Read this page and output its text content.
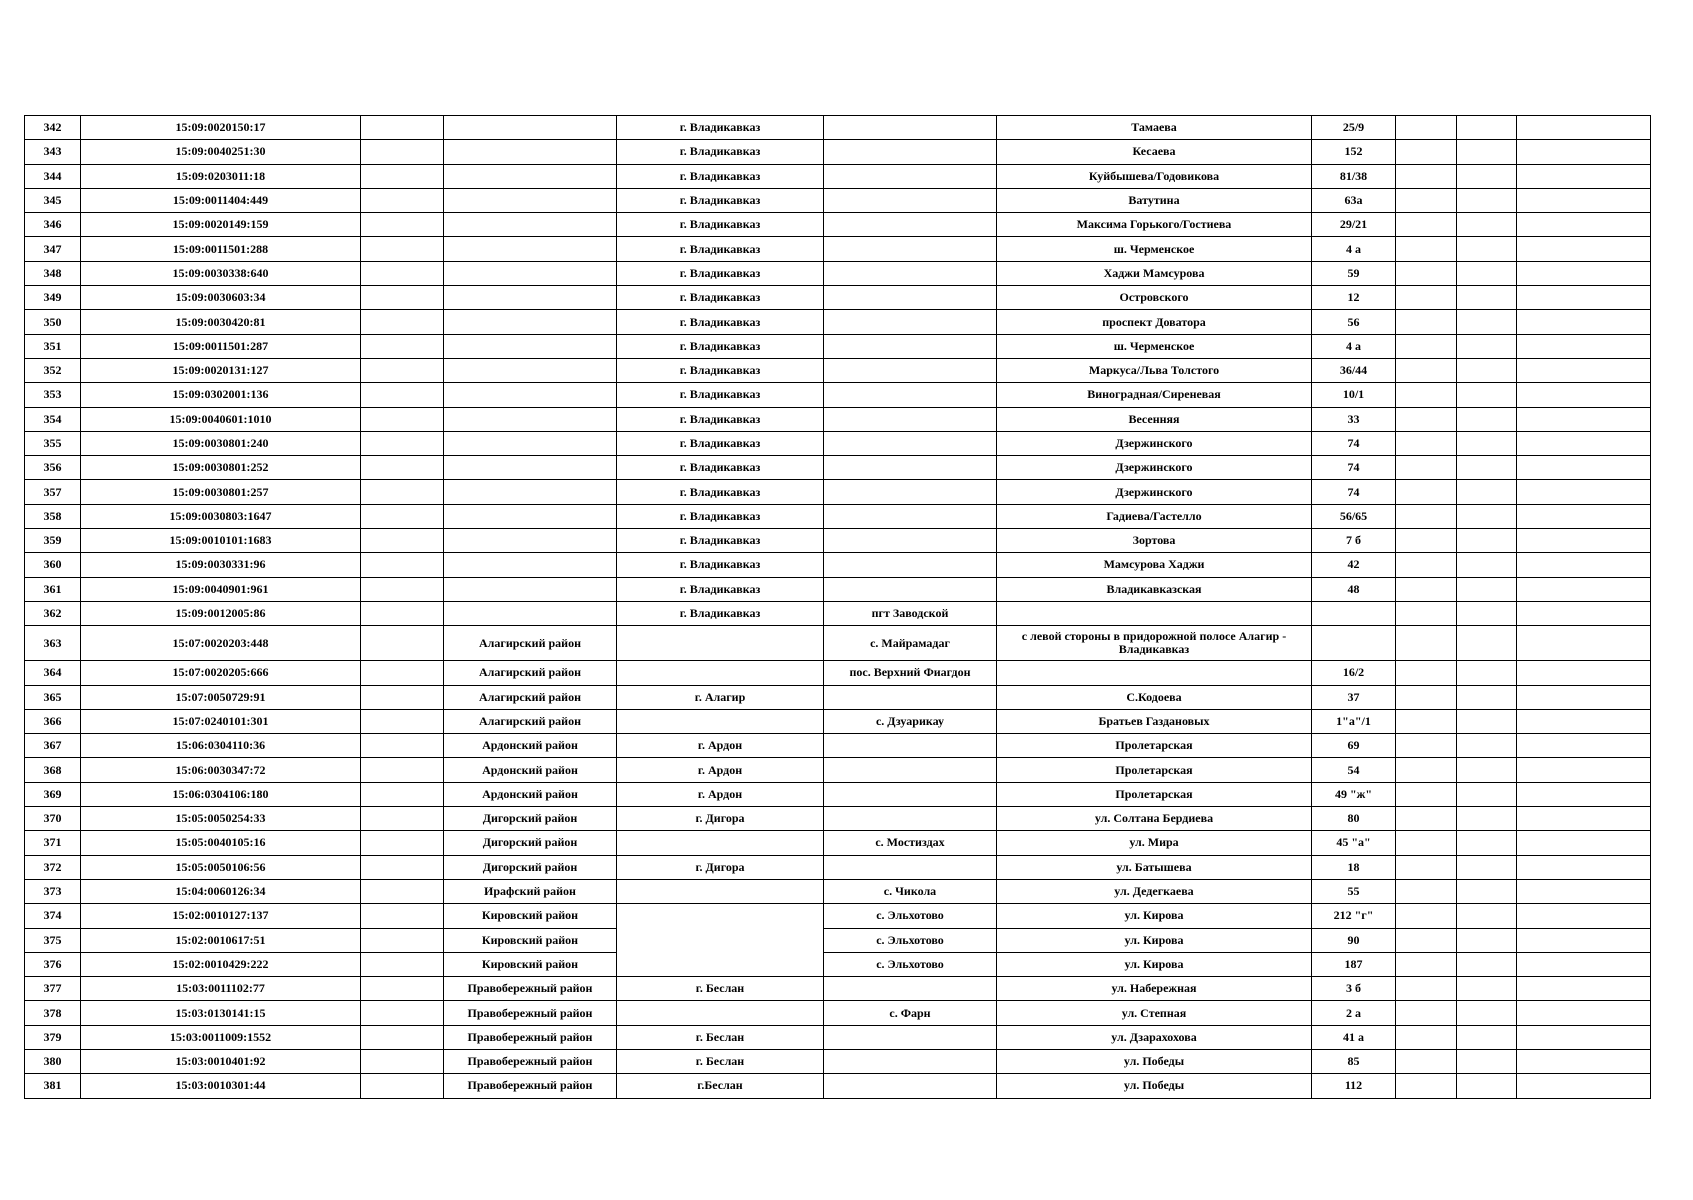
342	15:09:0020150:17			г. Владикавказ		Тамаева	25/9			
343	15:09:0040251:30			г. Владикавказ		Кесаева	152			
344	15:09:0203011:18			г. Владикавказ		Куйбышева/Годовикова	81/38			
345	15:09:0011404:449			г. Владикавказ		Ватутина	63а			
346	15:09:0020149:159			г. Владикавказ		Максима Горького/Гостиева	29/21			
347	15:09:0011501:288			г. Владикавказ		ш. Черменское	4 а			
348	15:09:0030338:640			г. Владикавказ		Хаджи Мамсурова	59			
349	15:09:0030603:34			г. Владикавказ		Островского	12			
350	15:09:0030420:81			г. Владикавказ		проспект Доватора	56			
351	15:09:0011501:287			г. Владикавказ		ш. Черменское	4 а			
352	15:09:0020131:127			г. Владикавказ		Маркуса/Льва Толстого	36/44			
353	15:09:0302001:136			г. Владикавказ		Виноградная/Сиреневая	10/1			
354	15:09:0040601:1010			г. Владикавказ		Весенняя	33			
355	15:09:0030801:240			г. Владикавказ		Дзержинского	74			
356	15:09:0030801:252			г. Владикавказ		Дзержинского	74			
357	15:09:0030801:257			г. Владикавказ		Дзержинского	74			
358	15:09:0030803:1647			г. Владикавказ		Гадиева/Гастелло	56/65			
359	15:09:0010101:1683			г. Владикавказ		Зортова	7 б			
360	15:09:0030331:96			г. Владикавказ		Мамсурова Хаджи	42			
361	15:09:0040901:961			г. Владикавказ		Владикавказская	48			
362	15:09:0012005:86			г. Владикавказ	пгт Заводской					
363	15:07:0020203:448		Алагирский район		с. Майрамадаг	с левой стороны в придорожной полосе Алагир - Владикавказ				
364	15:07:0020205:666		Алагирский район		пос. Верхний Фиагдон		16/2			
365	15:07:0050729:91		Алагирский район	г. Алагир		С.Кодоева	37			
366	15:07:0240101:301		Алагирский район		с. Дзуарикау	Братьев Газдановых	1"а"/1			
367	15:06:0304110:36		Ардонский район	г. Ардон		Пролетарская	69			
368	15:06:0030347:72		Ардонский район	г. Ардон		Пролетарская	54			
369	15:06:0304106:180		Ардонский район	г. Ардон		Пролетарская	49 "ж"			
370	15:05:0050254:33		Дигорский район	г. Дигора		ул. Солтана Бердиева	80			
371	15:05:0040105:16		Дигорский район		с. Мостиздах	ул. Мира	45 "а"			
372	15:05:0050106:56		Дигорский район	г. Дигора		ул. Батышева	18			
373	15:04:0060126:34		Ирафский район		с. Чикола	ул. Дедегкаева	55			
374	15:02:0010127:137		Кировский район		с. Эльхотово	ул. Кирова	212 "г"			
375	15:02:0010617:51		Кировский район		с. Эльхотово	ул. Кирова	90			
376	15:02:0010429:222		Кировский район		с. Эльхотово	ул. Кирова	187			
377	15:03:0011102:77		Правобережный район	г. Беслан		ул. Набережная	3 б			
378	15:03:0130141:15		Правобережный район		с. Фарн	ул. Степная	2 а			
379	15:03:0011009:1552		Правобережный район	г. Беслан		ул. Дзарахохова	41 а			
380	15:03:0010401:92		Правобережный район	г. Беслан		ул. Победы	85			
381	15:03:0010301:44		Правобережный район	г.Беслан		ул. Победы	112			
